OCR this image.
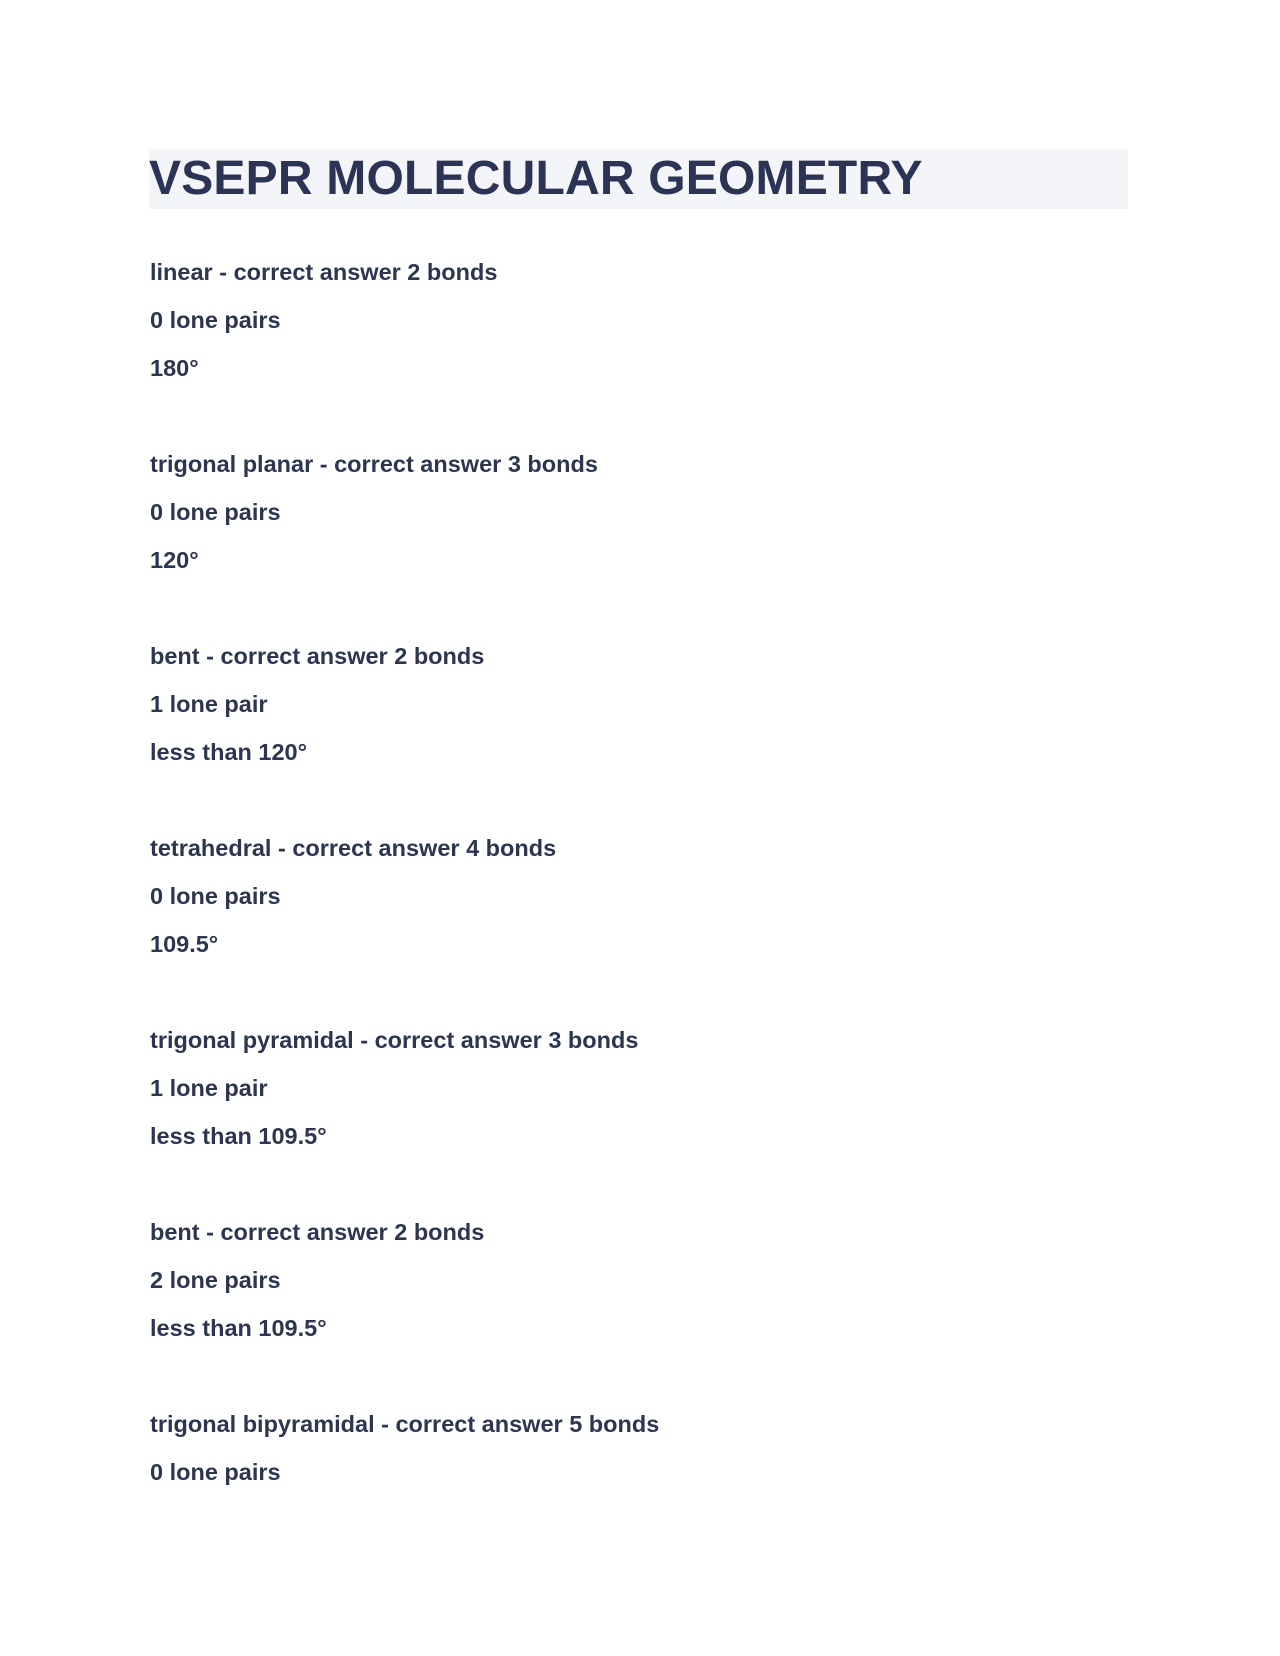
VSEPR MOLECULAR GEOMETRY
linear - correct answer 2 bonds
0 lone pairs
180°
trigonal planar - correct answer 3 bonds
0 lone pairs
120°
bent - correct answer 2 bonds
1 lone pair
less than 120°
tetrahedral - correct answer 4 bonds
0 lone pairs
109.5°
trigonal pyramidal - correct answer 3 bonds
1 lone pair
less than 109.5°
bent - correct answer 2 bonds
2 lone pairs
less than 109.5°
trigonal bipyramidal - correct answer 5 bonds
0 lone pairs
